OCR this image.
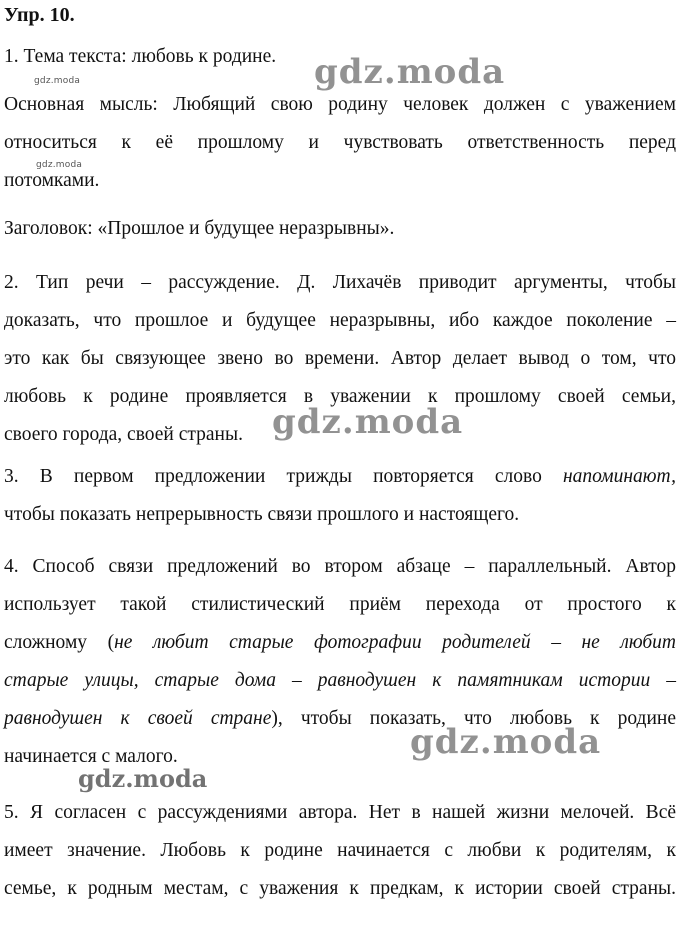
Упр. 10.
1. Тема текста: любовь к родине.
Основная мысль: Любящий свою родину человек должен с уважением
относиться к её прошлому и чувствовать ответственность перед
потомками.
Заголовок: «Прошлое и будущее неразрывны».
2. Тип речи – рассуждение. Д. Лихачёв приводит аргументы, чтобы
доказать, что прошлое и будущее неразрывны, ибо каждое поколение –
это как бы связующее звено во времени. Автор делает вывод о том, что
любовь к родине проявляется в уважении к прошлому своей семьи,
своего города, своей страны.
3. В первом предложении трижды повторяется слово напоминают,
чтобы показать непрерывность связи прошлого и настоящего.
4. Способ связи предложений во втором абзаце – параллельный. Автор
использует такой стилистический приём перехода от простого к
сложному (не любит старые фотографии родителей – не любит
старые улицы, старые дома – равнодушен к памятникам истории –
равнодушен к своей стране), чтобы показать, что любовь к родине
начинается с малого.
5. Я согласен с рассуждениями автора. Нет в нашей жизни мелочей. Всё
имеет значение. Любовь к родине начинается с любви к родителям, к
семье, к родным местам, с уважения к предкам, к истории своей страны.
gdz.moda
gdz.moda
gdz.moda
gdz.moda
gdz.moda
gdz.moda
